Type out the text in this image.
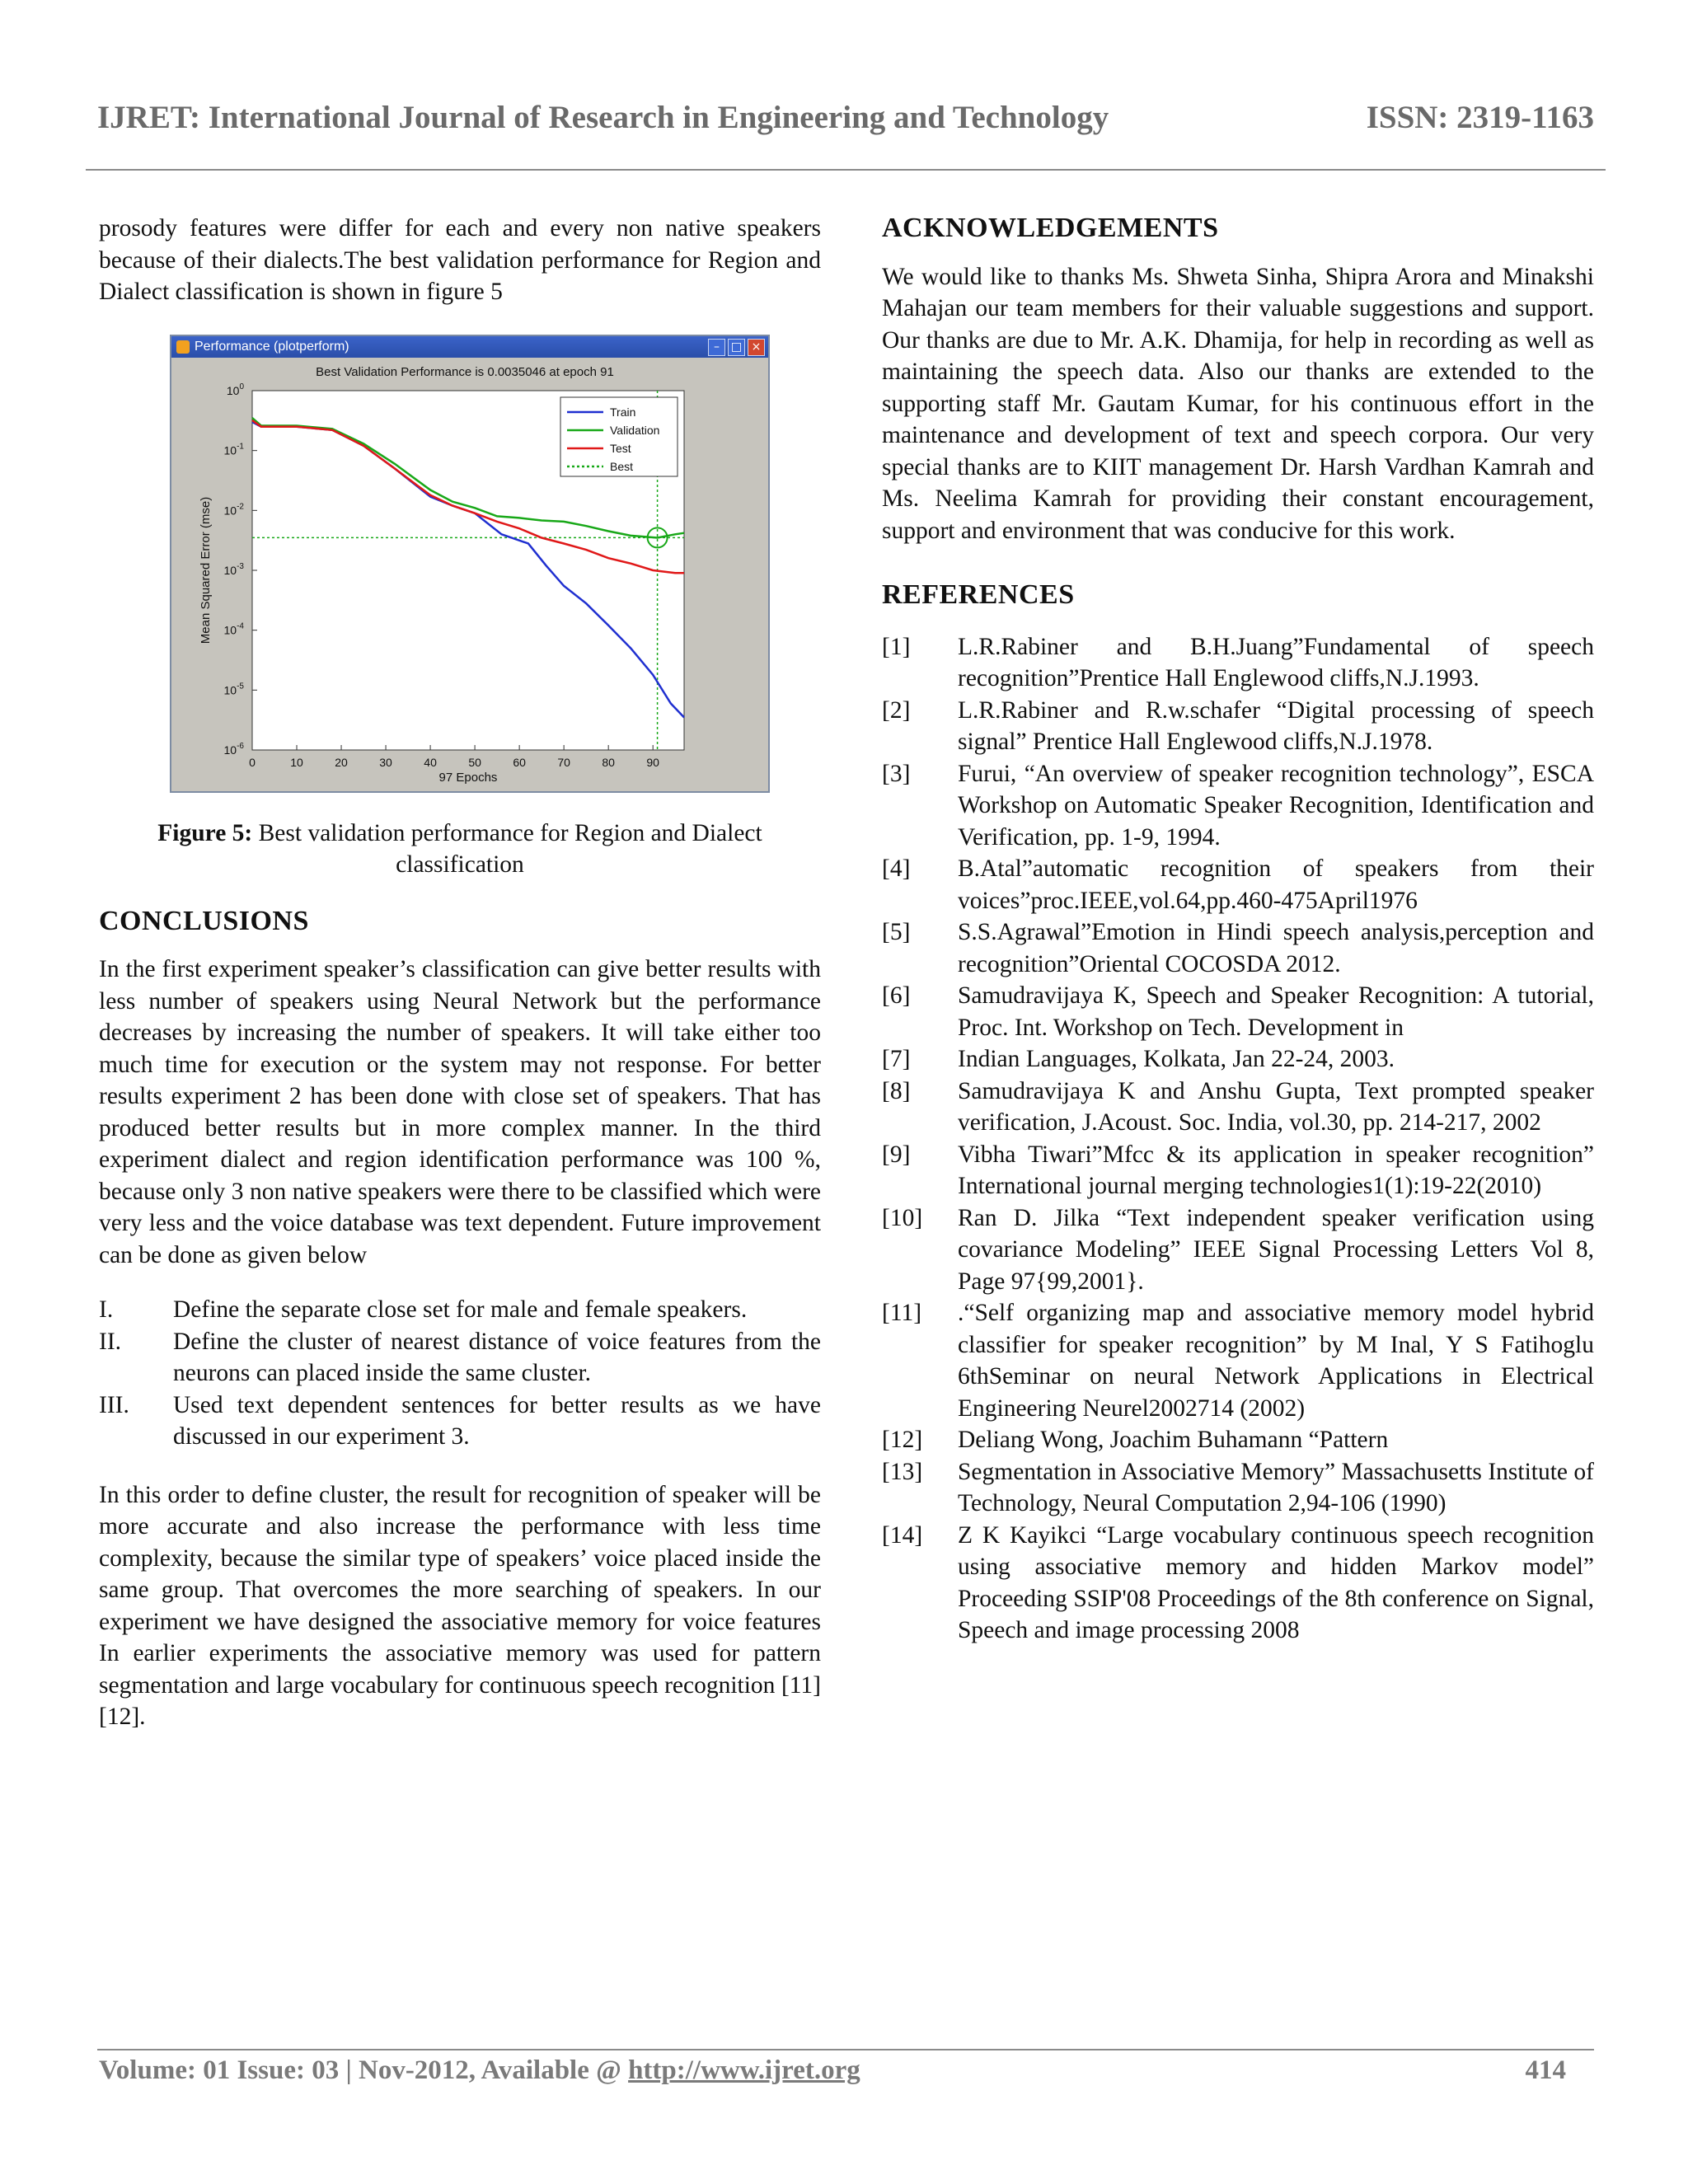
IJRET: International Journal of Research in Engineering and Technology	ISSN: 2319-1163

prosody features were differ for each and every non native speakers because of their dialects.The best validation performance for Region and Dialect classification is shown in figure 5

Performance (plotperform)	– □ ×
Best Validation Performance is 0.0035046 at epoch 91
$10^0$
$10^{-1}$
$10^{-2}$
$10^{-3}$
$10^{-4}$
$10^{-5}$
$10^{-6}$
0	10	20	30	40	50	60	70	80	90
Train
Validation
Test
Best
97 Epochs
Mean Squared Error (mse)
Figure 5: Best validation performance for Region and Dialect classification
CONCLUSIONS

In the first experiment speaker’s classification can give better results with less number of speakers using Neural Network but the performance decreases by increasing the number of speakers. It will take either too much time for execution or the system may not response. For better results experiment 2 has been done with close set of speakers. That has produced better results but in more complex manner. In the third experiment dialect and region identification performance was 100 %, because only 3 non native speakers were there to be classified which were very less and the voice database was text dependent. Future improvement can be done as given below

I. Define the separate close set for male and female speakers.
II. Define the cluster of nearest distance of voice features from the neurons can placed inside the same cluster.
III. Used text dependent sentences for better results as we have discussed in our experiment 3.

In this order to define cluster, the result for recognition of speaker will be more accurate and also increase the performance with less time complexity, because the similar type of speakers’ voice placed inside the same group. That overcomes the more searching of speakers. In our experiment we have designed the associative memory for voice features In earlier experiments the associative memory was used for pattern segmentation and large vocabulary for continuous speech recognition [11][12].

ACKNOWLEDGEMENTS

We would like to thanks Ms. Shweta Sinha, Shipra Arora and Minakshi Mahajan our team members for their valuable suggestions and support. Our thanks are due to Mr. A.K. Dhamija, for help in recording as well as maintaining the speech data. Also our thanks are extended to the supporting staff Mr. Gautam Kumar, for his continuous effort in the maintenance and development of text and speech corpora. Our very special thanks are to KIIT management Dr. Harsh Vardhan Kamrah and Ms. Neelima Kamrah for providing their constant encouragement, support and environment that was conducive for this work.

REFERENCES
[1] L.R.Rabiner and B.H.Juang”Fundamental of speech recognition”Prentice Hall Englewood cliffs,N.J.1993.
[2] L.R.Rabiner and R.w.schafer “Digital processing of speech signal” Prentice Hall Englewood cliffs,N.J.1978.
[3] Furui, “An overview of speaker recognition technology”, ESCA Workshop on Automatic Speaker Recognition, Identification and Verification, pp. 1-9, 1994.
[4] B.Atal”automatic recognition of speakers from their voices”proc.IEEE,vol.64,pp.460-475April1976
[5] S.S.Agrawal”Emotion in Hindi speech analysis,perception and recognition”Oriental COCOSDA 2012.
[6] Samudravijaya K, Speech and Speaker Recognition: A tutorial, Proc. Int. Workshop on Tech. Development in
[7] Indian Languages, Kolkata, Jan 22-24, 2003.
[8] Samudravijaya K and Anshu Gupta, Text prompted speaker verification, J.Acoust. Soc. India, vol.30, pp. 214-217, 2002
[9] Vibha Tiwari”Mfcc & its application in speaker recognition” International journal merging technologies1(1):19-22(2010)
[10] Ran D. Jilka “Text independent speaker verification using covariance Modeling” IEEE Signal Processing Letters Vol 8, Page 97{99,2001}.
[11] .“Self organizing map and associative memory model hybrid classifier for speaker recognition” by M Inal, Y S Fatihoglu 6thSeminar on neural Network Applications in Electrical Engineering Neurel2002714 (2002)
[12] Deliang Wong, Joachim Buhamann “Pattern
[13] Segmentation in Associative Memory” Massachusetts Institute of Technology, Neural Computation 2,94-106 (1990)
[14] Z K Kayikci “Large vocabulary continuous speech recognition using associative memory and hidden Markov model” Proceeding SSIP'08 Proceedings of the 8th conference on Signal, Speech and image processing 2008
Volume: 01 Issue: 03 | Nov-2012, Available @ http://www.ijret.org	414
